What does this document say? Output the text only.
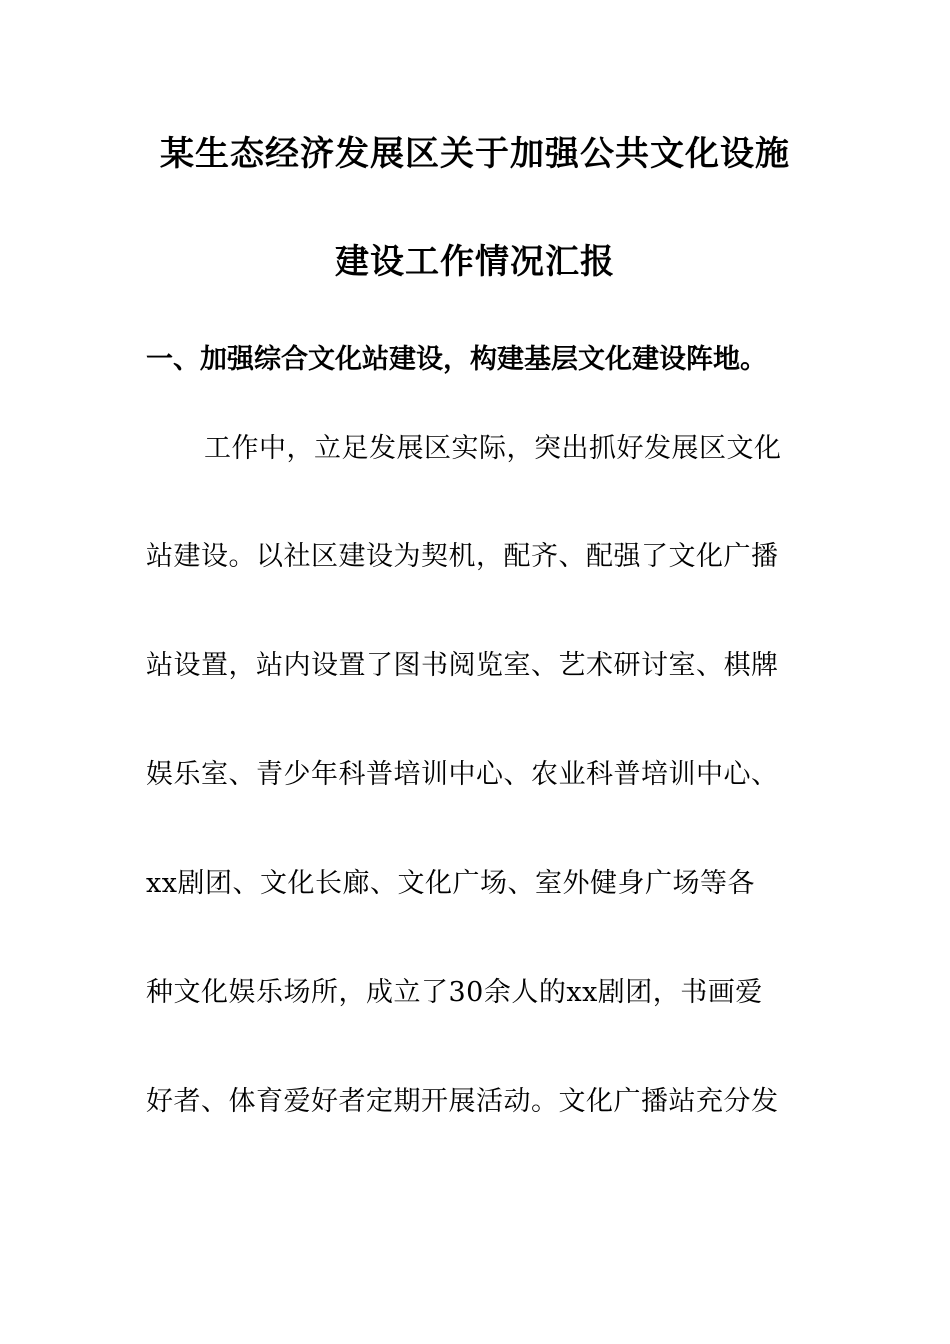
某生态经济发展区关于加强公共文化设施
建设工作情况汇报
一、加强综合文化站建设，构建基层文化建设阵地。

工作中，立足发展区实际，突出抓好发展区文化

站建设。以社区建设为契机，配齐、配强了文化广播

站设置，站内设置了图书阅览室、艺术研讨室、棋牌

娱乐室、青少年科普培训中心、农业科普培训中心、

xx剧团、文化长廊、文化广场、室外健身广场等各

种文化娱乐场所，成立了30余人的xx剧团，书画爱

好者、体育爱好者定期开展活动。文化广播站充分发
